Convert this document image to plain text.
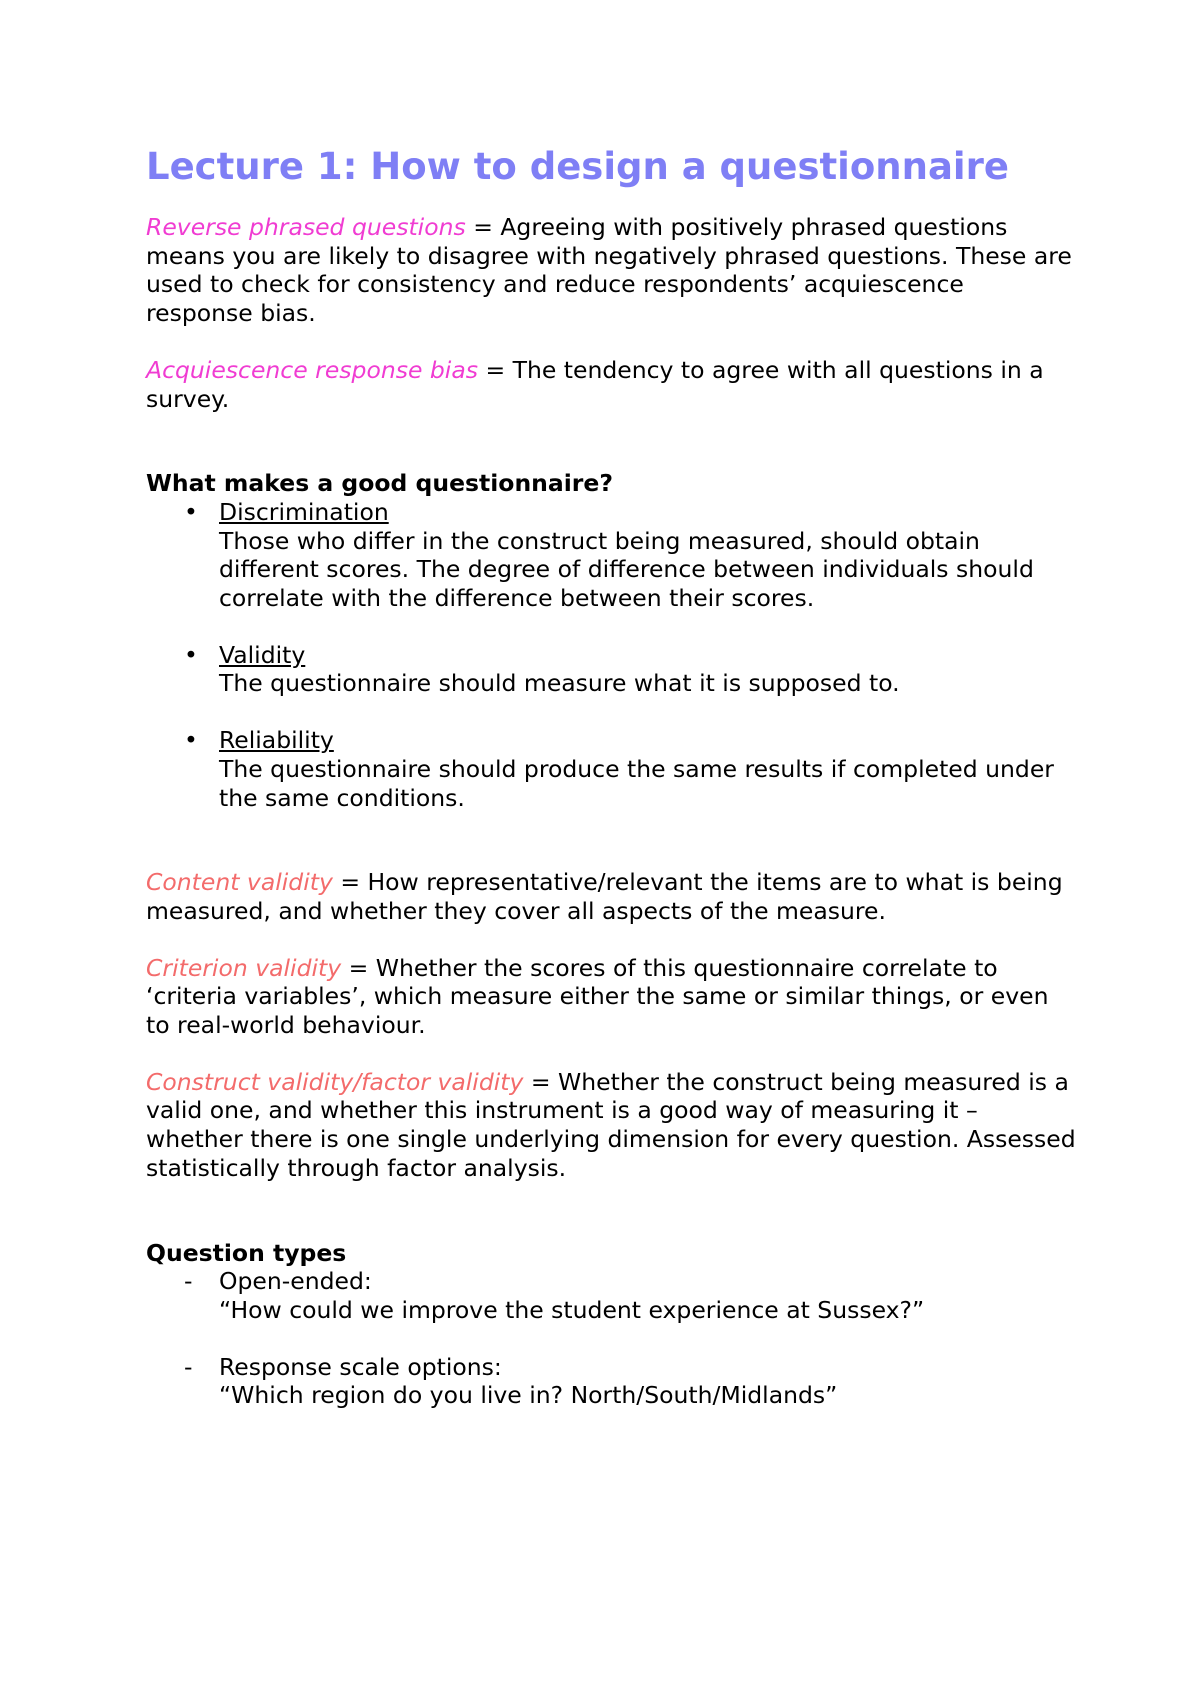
Lecture 1: How to design a questionnaire

Reverse phrased questions = Agreeing with positively phrased questions means you are likely to disagree with negatively phrased questions. These are used to check for consistency and reduce respondents’ acquiescence response bias.

Acquiescence response bias = The tendency to agree with all questions in a survey.

What makes a good questionnaire?
• Discrimination
Those who differ in the construct being measured, should obtain different scores. The degree of difference between individuals should correlate with the difference between their scores.
• Validity
The questionnaire should measure what it is supposed to.
• Reliability
The questionnaire should produce the same results if completed under the same conditions.

Content validity = How representative/relevant the items are to what is being measured, and whether they cover all aspects of the measure.

Criterion validity = Whether the scores of this questionnaire correlate to ‘criteria variables’, which measure either the same or similar things, or even to real-world behaviour.

Construct validity/factor validity = Whether the construct being measured is a valid one, and whether this instrument is a good way of measuring it – whether there is one single underlying dimension for every question. Assessed statistically through factor analysis.

Question types
-	Open-ended:
“How could we improve the student experience at Sussex?”
-	Response scale options:
“Which region do you live in? North/South/Midlands”
